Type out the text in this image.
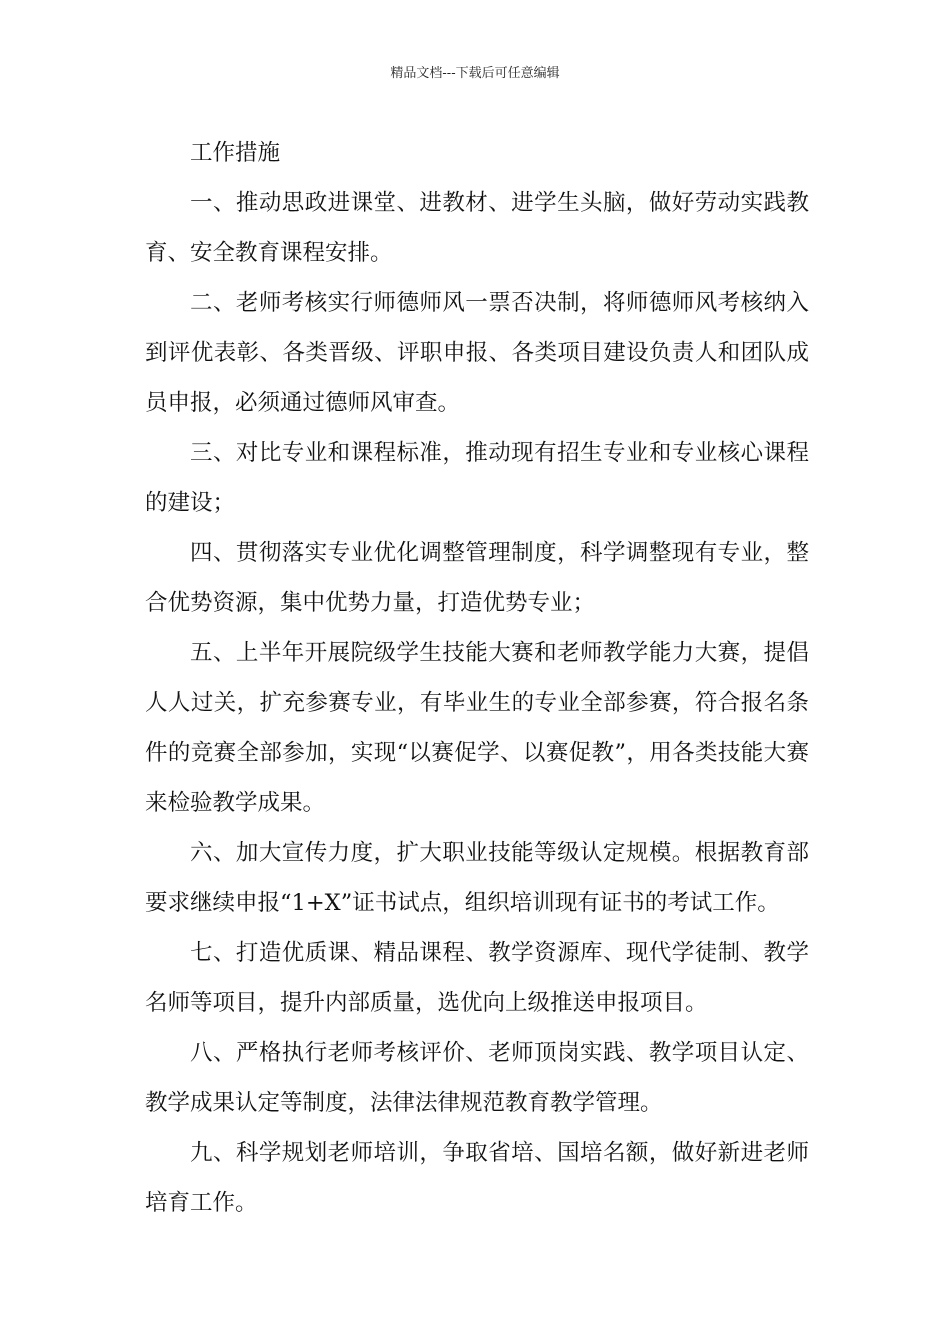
精品文档---下载后可任意编辑

工作措施

一、推动思政进课堂、进教材、进学生头脑，做好劳动实践教育、安全教育课程安排。

二、老师考核实行师德师风一票否决制，将师德师风考核纳入到评优表彰、各类晋级、评职申报、各类项目建设负责人和团队成员申报，必须通过德师风审查。

三、对比专业和课程标准，推动现有招生专业和专业核心课程的建设；

四、贯彻落实专业优化调整管理制度，科学调整现有专业，整合优势资源，集中优势力量，打造优势专业；

五、上半年开展院级学生技能大赛和老师教学能力大赛，提倡人人过关，扩充参赛专业，有毕业生的专业全部参赛，符合报名条件的竞赛全部参加，实现“以赛促学、以赛促教”，用各类技能大赛来检验教学成果。

六、加大宣传力度，扩大职业技能等级认定规模。根据教育部要求继续申报“1+X”证书试点，组织培训现有证书的考试工作。

七、打造优质课、精品课程、教学资源库、现代学徒制、教学名师等项目，提升内部质量，选优向上级推送申报项目。

八、严格执行老师考核评价、老师顶岗实践、教学项目认定、教学成果认定等制度，法律法律规范教育教学管理。

九、科学规划老师培训，争取省培、国培名额，做好新进老师培育工作。
